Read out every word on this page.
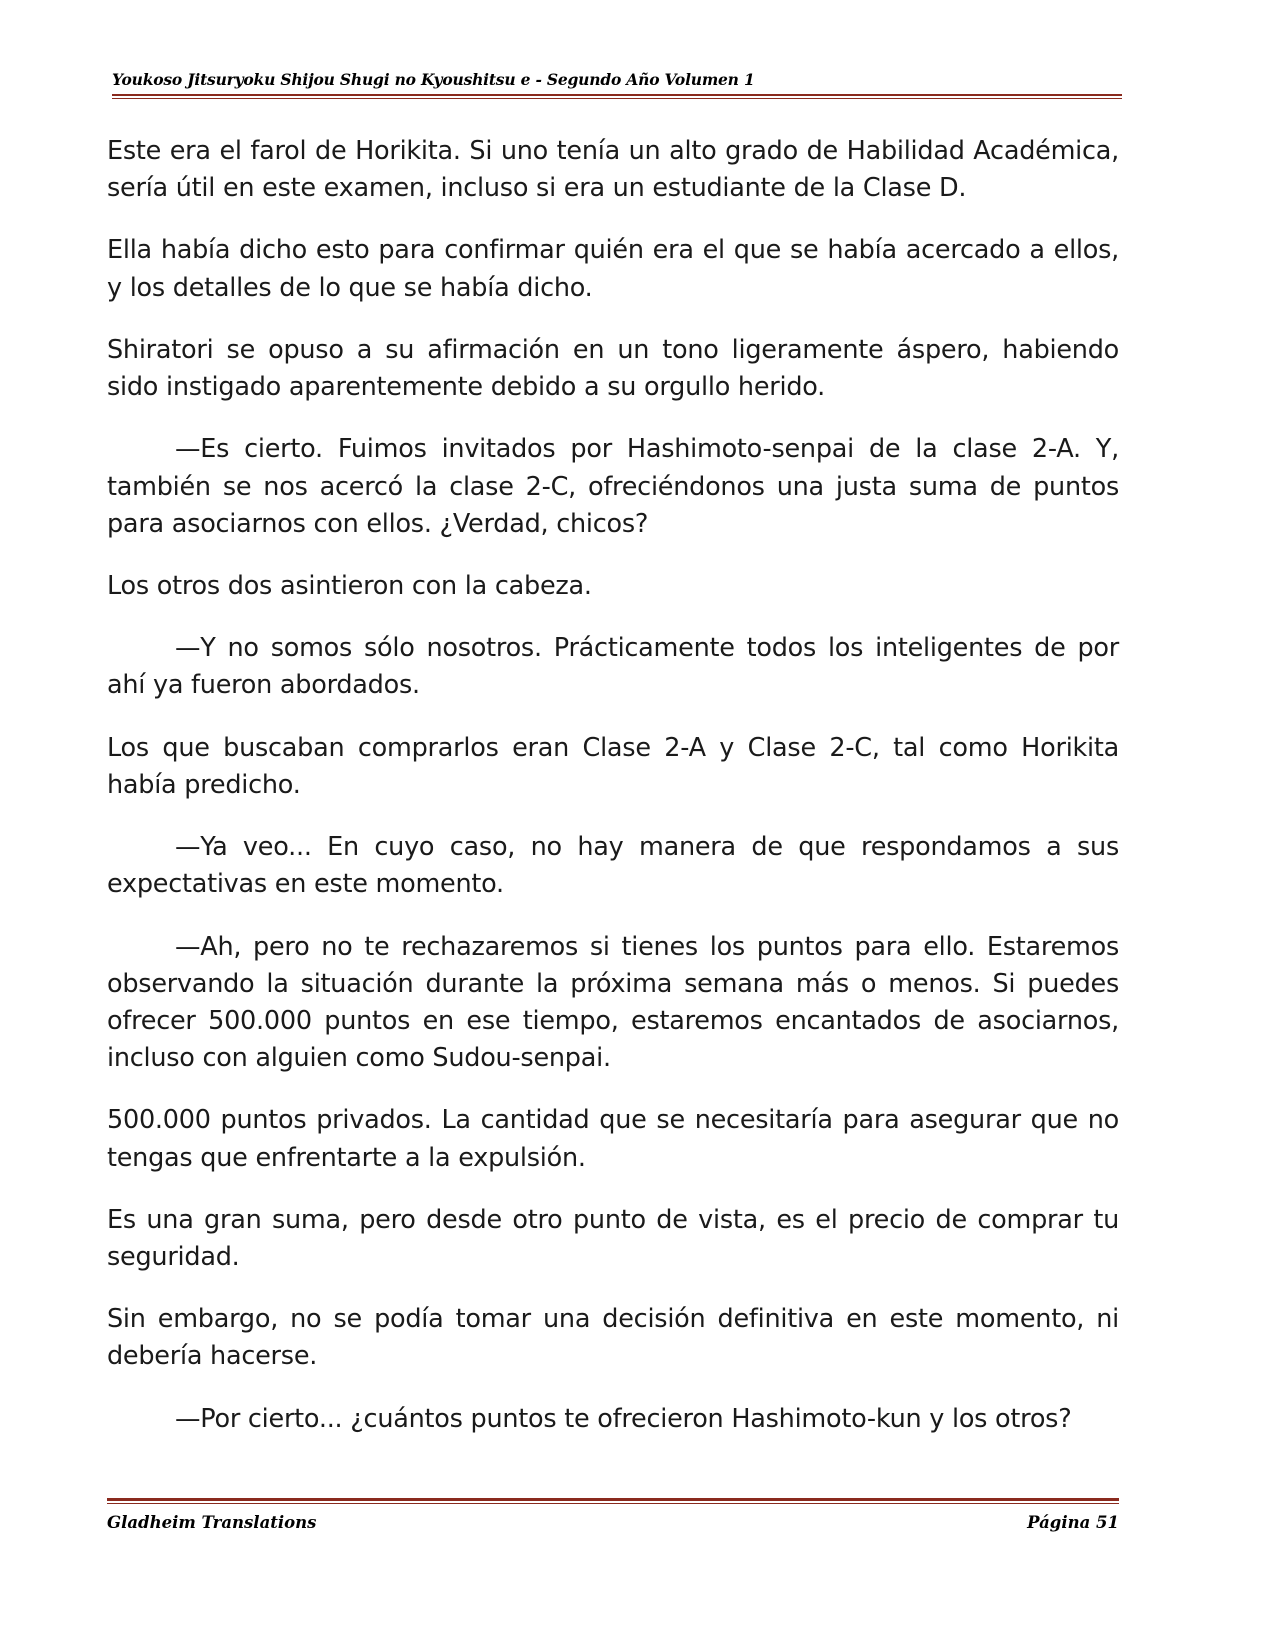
Youkoso Jitsuryoku Shijou Shugi no Kyoushitsu e - Segundo Año Volumen 1

Este era el farol de Horikita. Si uno tenía un alto grado de Habilidad Académica, sería útil en este examen, incluso si era un estudiante de la Clase D.

Ella había dicho esto para confirmar quién era el que se había acercado a ellos, y los detalles de lo que se había dicho.

Shiratori se opuso a su afirmación en un tono ligeramente áspero, habiendo sido instigado aparentemente debido a su orgullo herido.

—Es cierto. Fuimos invitados por Hashimoto-senpai de la clase 2-A. Y, también se nos acercó la clase 2-C, ofreciéndonos una justa suma de puntos para asociarnos con ellos. ¿Verdad, chicos?

Los otros dos asintieron con la cabeza.

—Y no somos sólo nosotros. Prácticamente todos los inteligentes de por ahí ya fueron abordados.

Los que buscaban comprarlos eran Clase 2-A y Clase 2-C, tal como Horikita había predicho.

—Ya veo... En cuyo caso, no hay manera de que respondamos a sus expectativas en este momento.

—Ah, pero no te rechazaremos si tienes los puntos para ello. Estaremos observando la situación durante la próxima semana más o menos. Si puedes ofrecer 500.000 puntos en ese tiempo, estaremos encantados de asociarnos, incluso con alguien como Sudou-senpai.

500.000 puntos privados. La cantidad que se necesitaría para asegurar que no tengas que enfrentarte a la expulsión.

Es una gran suma, pero desde otro punto de vista, es el precio de comprar tu seguridad.

Sin embargo, no se podía tomar una decisión definitiva en este momento, ni debería hacerse.

—Por cierto... ¿cuántos puntos te ofrecieron Hashimoto-kun y los otros?

Gladheim Translations	Página 51
